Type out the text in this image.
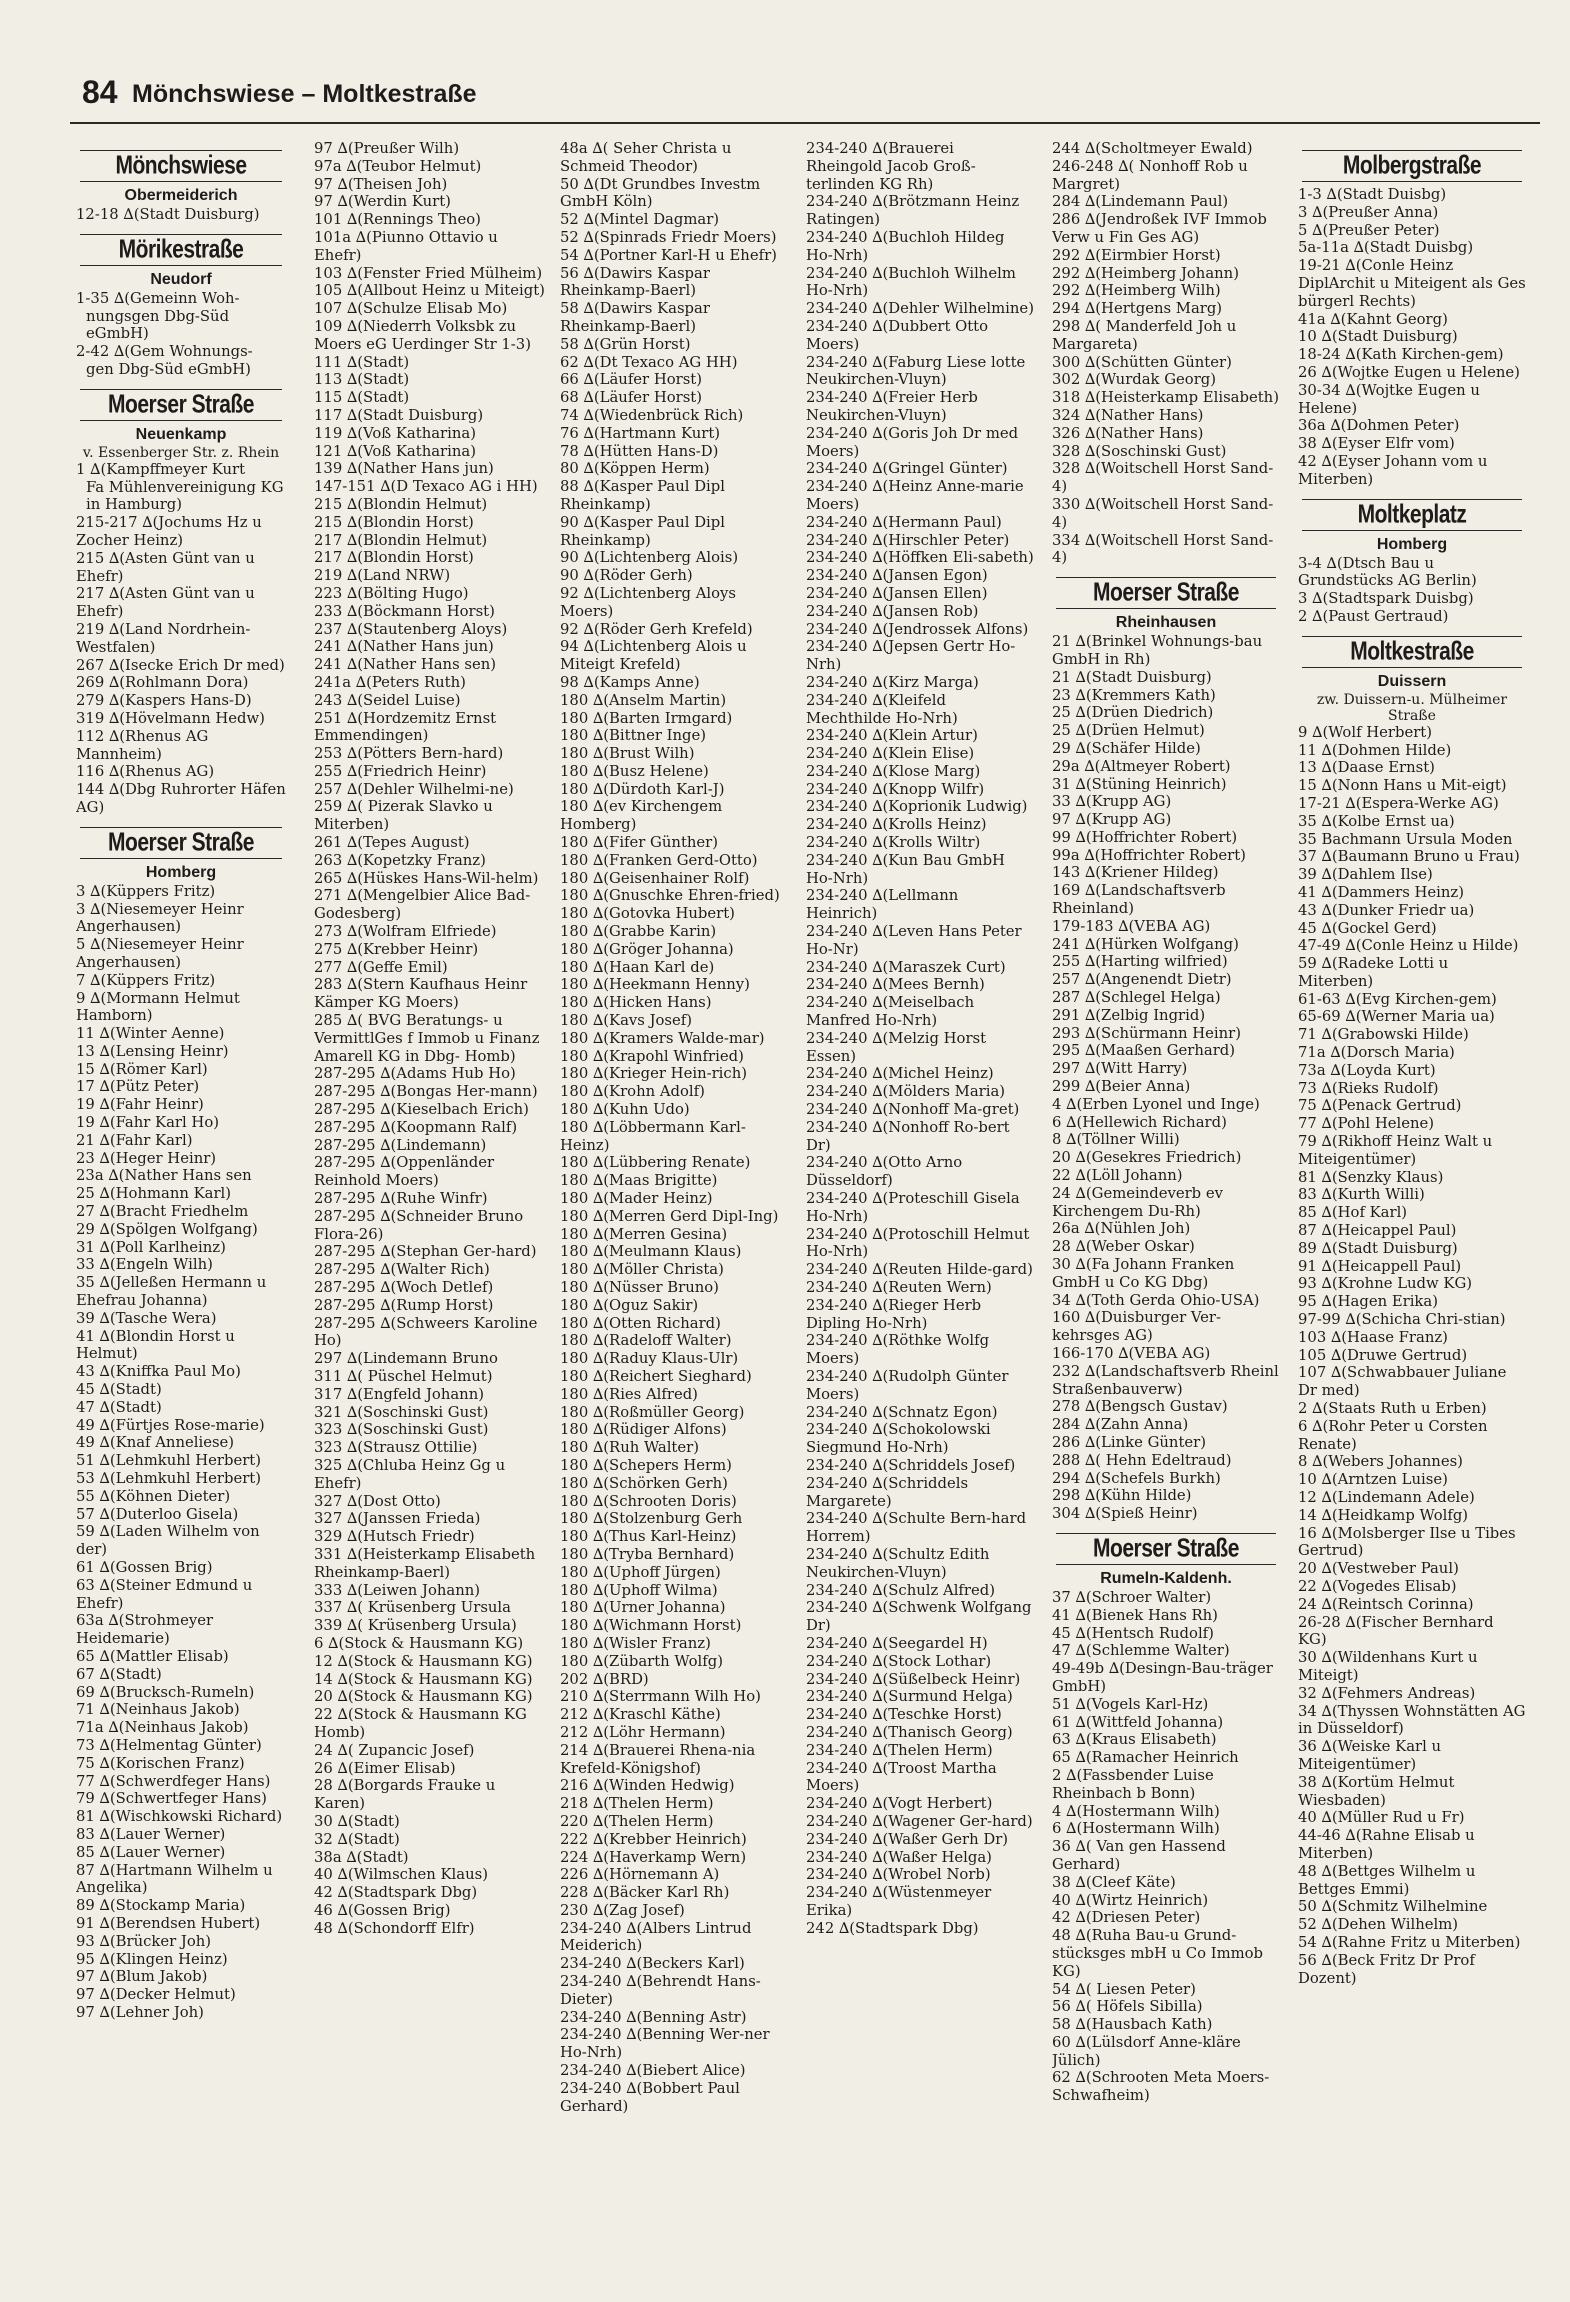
84 Mönchswiese – Moltkestraße
Mönchswiese
Obermeiderich
12-18 ∆(Stadt Duisburg)
Mörikestraße
Neudorf
1-35 ∆(Gemeinn Woh-
nungsgen Dbg-Süd eGmbH)
2-42 ∆(Gem Wohnungs-
gen Dbg-Süd eGmbH)
Moerser Straße
Neuenkamp
v. Essenberger Str. z. Rhein
1 ∆(Kampffmeyer Kurt
Fa Mühlenvereinigung KG in Hamburg)
215-217 ∆(Jochums Hz u Zocher Heinz)
215 ∆(Asten Günt van u Ehefr)
217 ∆(Asten Günt van u Ehefr)
219 ∆(Land Nordrhein-Westfalen)
267 ∆(Isecke Erich Dr med)
269 ∆(Rohlmann Dora)
279 ∆(Kaspers Hans-D)
319 ∆(Hövelmann Hedw)
112 ∆(Rhenus AG Mannheim)
116 ∆(Rhenus AG)
144 ∆(Dbg Ruhrorter Häfen AG)
Moerser Straße
Homberg
3 ∆(Küppers Fritz)
3 ∆(Niesemeyer Heinr Angerhausen)
5 ∆(Niesemeyer Heinr Angerhausen)
7 ∆(Küppers Fritz)
9 ∆(Mormann Helmut Hamborn)
11 ∆(Winter Aenne)
13 ∆(Lensing Heinr)
15 ∆(Römer Karl)
17 ∆(Pütz Peter)
19 ∆(Fahr Heinr)
19 ∆(Fahr Karl Ho)
21 ∆(Fahr Karl)
23 ∆(Heger Heinr)
23a ∆(Nather Hans sen
25 ∆(Hohmann Karl)
27 ∆(Bracht Friedhelm
29 ∆(Spölgen Wolfgang)
31 ∆(Poll Karlheinz)
33 ∆(Engeln Wilh)
35 ∆(Jelleßen Hermann u Ehefrau Johanna)
39 ∆(Tasche Wera)
41 ∆(Blondin Horst u Helmut)
43 ∆(Kniffka Paul Mo)
45 ∆(Stadt)
47 ∆(Stadt)
49 ∆(Fürtjes Rose-marie)
49 ∆(Knaf Anneliese)
51 ∆(Lehmkuhl Herbert)
53 ∆(Lehmkuhl Herbert)
55 ∆(Köhnen Dieter)
57 ∆(Duterloo Gisela)
59 ∆(Laden Wilhelm von der)
61 ∆(Gossen Brig)
63 ∆(Steiner Edmund u Ehefr)
63a ∆(Strohmeyer Heidemarie)
65 ∆(Mattler Elisab)
67 ∆(Stadt)
69 ∆(Brucksch-Rumeln)
71 ∆(Neinhaus Jakob)
71a ∆(Neinhaus Jakob)
73 ∆(Helmentag Günter)
75 ∆(Korischen Franz)
77 ∆(Schwerdfeger Hans)
79 ∆(Schwertfeger Hans)
81 ∆(Wischkowski Richard)
83 ∆(Lauer Werner)
85 ∆(Lauer Werner)
87 ∆(Hartmann Wilhelm u Angelika)
89 ∆(Stockamp Maria)
91 ∆(Berendsen Hubert)
93 ∆(Brücker Joh)
95 ∆(Klingen Heinz)
97 ∆(Blum Jakob)
97 ∆(Decker Helmut)
97 ∆(Lehner Joh)
97 ∆(Preußer Wilh)
97a ∆(Teubor Helmut)
97 ∆(Theisen Joh)
97 ∆(Werdin Kurt)
101 ∆(Rennings Theo)
101a ∆(Piunno Ottavio u Ehefr)
103 ∆(Fenster Fried Mülheim)
105 ∆(Allbout Heinz u Miteigt)
107 ∆(Schulze Elisab Mo)
109 ∆(Niederrh Volksbk zu Moers eG Uerdinger Str 1-3)
111 ∆(Stadt)
113 ∆(Stadt)
115 ∆(Stadt)
117 ∆(Stadt Duisburg)
119 ∆(Voß Katharina)
121 ∆(Voß Katharina)
139 ∆(Nather Hans jun)
147-151 ∆(D Texaco AG i HH)
215 ∆(Blondin Helmut)
215 ∆(Blondin Horst)
217 ∆(Blondin Helmut)
217 ∆(Blondin Horst)
219 ∆(Land NRW)
223 ∆(Bölting Hugo)
233 ∆(Böckmann Horst)
237 ∆(Stautenberg Aloys)
241 ∆(Nather Hans jun)
241 ∆(Nather Hans sen)
241a ∆(Peters Ruth)
243 ∆(Seidel Luise)
251 ∆(Hordzemitz Ernst Emmendingen)
253 ∆(Pötters Bern-hard)
255 ∆(Friedrich Heinr)
257 ∆(Dehler Wilhelmi-ne)
259 ∆( Pizerak Slavko u Miterben)
261 ∆(Tepes August)
263 ∆(Kopetzky Franz)
265 ∆(Hüskes Hans-Wil-helm)
271 ∆(Mengelbier Alice Bad-Godesberg)
273 ∆(Wolfram Elfriede)
275 ∆(Krebber Heinr)
277 ∆(Geffe Emil)
283 ∆(Stern Kaufhaus Heinr Kämper KG Moers)
285 ∆( BVG Beratungs- u VermittlGes f Immob u Finanz Amarell KG in Dbg- Homb)
287-295 ∆(Adams Hub Ho)
287-295 ∆(Bongas Her-mann)
287-295 ∆(Kieselbach Erich)
287-295 ∆(Koopmann Ralf)
287-295 ∆(Lindemann)
287-295 ∆(Oppenländer Reinhold Moers)
287-295 ∆(Ruhe Winfr)
287-295 ∆(Schneider Bruno Flora-26)
287-295 ∆(Stephan Ger-hard)
287-295 ∆(Walter Rich)
287-295 ∆(Woch Detlef)
287-295 ∆(Rump Horst)
287-295 ∆(Schweers Karoline Ho)
297 ∆(Lindemann Bruno
311 ∆( Püschel Helmut)
317 ∆(Engfeld Johann)
321 ∆(Soschinski Gust)
323 ∆(Soschinski Gust)
323 ∆(Strausz Ottilie)
325 ∆(Chluba Heinz Gg u Ehefr)
327 ∆(Dost Otto)
327 ∆(Janssen Frieda)
329 ∆(Hutsch Friedr)
331 ∆(Heisterkamp Elisabeth Rheinkamp-Baerl)
333 ∆(Leiwen Johann)
337 ∆( Krüsenberg Ursula
339 ∆( Krüsenberg Ursula)
6 ∆(Stock & Hausmann KG)
12 ∆(Stock & Hausmann KG)
14 ∆(Stock & Hausmann KG)
20 ∆(Stock & Hausmann KG)
22 ∆(Stock & Hausmann KG Homb)
24 ∆( Zupancic Josef)
26 ∆(Eimer Elisab)
28 ∆(Borgards Frauke u Karen)
30 ∆(Stadt)
32 ∆(Stadt)
38a ∆(Stadt)
40 ∆(Wilmschen Klaus)
42 ∆(Stadtspark Dbg)
46 ∆(Gossen Brig)
48 ∆(Schondorff Elfr)
48a ∆( Seher Christa u Schmeid Theodor)
50 ∆(Dt Grundbes Investm GmbH Köln)
52 ∆(Mintel Dagmar)
52 ∆(Spinrads Friedr Moers)
54 ∆(Portner Karl-H u Ehefr)
56 ∆(Dawirs Kaspar Rheinkamp-Baerl)
58 ∆(Dawirs Kaspar Rheinkamp-Baerl)
58 ∆(Grün Horst)
62 ∆(Dt Texaco AG HH)
66 ∆(Läufer Horst)
68 ∆(Läufer Horst)
74 ∆(Wiedenbrück Rich)
76 ∆(Hartmann Kurt)
78 ∆(Hütten Hans-D)
80 ∆(Köppen Herm)
88 ∆(Kasper Paul Dipl Rheinkamp)
90 ∆(Kasper Paul Dipl Rheinkamp)
90 ∆(Lichtenberg Alois)
90 ∆(Röder Gerh)
92 ∆(Lichtenberg Aloys Moers)
92 ∆(Röder Gerh Krefeld)
94 ∆(Lichtenberg Alois u Miteigt Krefeld)
98 ∆(Kamps Anne)
180 ∆(Anselm Martin)
180 ∆(Barten Irmgard)
180 ∆(Bittner Inge)
180 ∆(Brust Wilh)
180 ∆(Busz Helene)
180 ∆(Dürdoth Karl-J)
180 ∆(ev Kirchengem Homberg)
180 ∆(Fifer Günther)
180 ∆(Franken Gerd-Otto)
180 ∆(Geisenhainer Rolf)
180 ∆(Gnuschke Ehren-fried)
180 ∆(Gotovka Hubert)
180 ∆(Grabbe Karin)
180 ∆(Gröger Johanna)
180 ∆(Haan Karl de)
180 ∆(Heekmann Henny)
180 ∆(Hicken Hans)
180 ∆(Kavs Josef)
180 ∆(Kramers Walde-mar)
180 ∆(Krapohl Winfried)
180 ∆(Krieger Hein-rich)
180 ∆(Krohn Adolf)
180 ∆(Kuhn Udo)
180 ∆(Löbbermann Karl-Heinz)
180 ∆(Lübbering Renate)
180 ∆(Maas Brigitte)
180 ∆(Mader Heinz)
180 ∆(Merren Gerd Dipl-Ing)
180 ∆(Merren Gesina)
180 ∆(Meulmann Klaus)
180 ∆(Möller Christa)
180 ∆(Nüsser Bruno)
180 ∆(Oguz Sakir)
180 ∆(Otten Richard)
180 ∆(Radeloff Walter)
180 ∆(Raduy Klaus-Ulr)
180 ∆(Reichert Sieghard)
180 ∆(Ries Alfred)
180 ∆(Roßmüller Georg)
180 ∆(Rüdiger Alfons)
180 ∆(Ruh Walter)
180 ∆(Schepers Herm)
180 ∆(Schörken Gerh)
180 ∆(Schrooten Doris)
180 ∆(Stolzenburg Gerh
180 ∆(Thus Karl-Heinz)
180 ∆(Tryba Bernhard)
180 ∆(Uphoff Jürgen)
180 ∆(Uphoff Wilma)
180 ∆(Urner Johanna)
180 ∆(Wichmann Horst)
180 ∆(Wisler Franz)
180 ∆(Zübarth Wolfg)
202 ∆(BRD)
210 ∆(Sterrmann Wilh Ho)
212 ∆(Kraschl Käthe)
212 ∆(Löhr Hermann)
214 ∆(Brauerei Rhena-nia Krefeld-Königshof)
216 ∆(Winden Hedwig)
218 ∆(Thelen Herm)
220 ∆(Thelen Herm)
222 ∆(Krebber Heinrich)
224 ∆(Haverkamp Wern)
226 ∆(Hörnemann A)
228 ∆(Bäcker Karl Rh)
230 ∆(Zag Josef)
234-240 ∆(Albers Lintrud Meiderich)
234-240 ∆(Beckers Karl)
234-240 ∆(Behrendt Hans-Dieter)
234-240 ∆(Benning Astr)
234-240 ∆(Benning Wer-ner Ho-Nrh)
234-240 ∆(Biebert Alice)
234-240 ∆(Bobbert Paul Gerhard)
234-240 ∆(Brauerei Rheingold Jacob Groß-terlinden KG Rh)
234-240 ∆(Brötzmann Heinz Ratingen)
234-240 ∆(Buchloh Hildeg Ho-Nrh)
234-240 ∆(Buchloh Wilhelm Ho-Nrh)
234-240 ∆(Dehler Wilhelmine)
234-240 ∆(Dubbert Otto Moers)
234-240 ∆(Faburg Liese lotte Neukirchen-Vluyn)
234-240 ∆(Freier Herb Neukirchen-Vluyn)
234-240 ∆(Goris Joh Dr med Moers)
234-240 ∆(Gringel Günter)
234-240 ∆(Heinz Anne-marie Moers)
234-240 ∆(Hermann Paul)
234-240 ∆(Hirschler Peter)
234-240 ∆(Höffken Eli-sabeth)
234-240 ∆(Jansen Egon)
234-240 ∆(Jansen Ellen)
234-240 ∆(Jansen Rob)
234-240 ∆(Jendrossek Alfons)
234-240 ∆(Jepsen Gertr Ho-Nrh)
234-240 ∆(Kirz Marga)
234-240 ∆(Kleifeld Mechthilde Ho-Nrh)
234-240 ∆(Klein Artur)
234-240 ∆(Klein Elise)
234-240 ∆(Klose Marg)
234-240 ∆(Knopp Wilfr)
234-240 ∆(Koprionik Ludwig)
234-240 ∆(Krolls Heinz)
234-240 ∆(Krolls Wiltr)
234-240 ∆(Kun Bau GmbH Ho-Nrh)
234-240 ∆(Lellmann Heinrich)
234-240 ∆(Leven Hans Peter Ho-Nr)
234-240 ∆(Maraszek Curt)
234-240 ∆(Mees Bernh)
234-240 ∆(Meiselbach Manfred Ho-Nrh)
234-240 ∆(Melzig Horst Essen)
234-240 ∆(Michel Heinz)
234-240 ∆(Mölders Maria)
234-240 ∆(Nonhoff Ma-gret)
234-240 ∆(Nonhoff Ro-bert Dr)
234-240 ∆(Otto Arno Düsseldorf)
234-240 ∆(Proteschill Gisela Ho-Nrh)
234-240 ∆(Protoschill Helmut Ho-Nrh)
234-240 ∆(Reuten Hilde-gard)
234-240 ∆(Reuten Wern)
234-240 ∆(Rieger Herb Dipling Ho-Nrh)
234-240 ∆(Röthke Wolfg Moers)
234-240 ∆(Rudolph Günter Moers)
234-240 ∆(Schnatz Egon)
234-240 ∆(Schokolowski Siegmund Ho-Nrh)
234-240 ∆(Schriddels Josef)
234-240 ∆(Schriddels Margarete)
234-240 ∆(Schulte Bern-hard Horrem)
234-240 ∆(Schultz Edith Neukirchen-Vluyn)
234-240 ∆(Schulz Alfred)
234-240 ∆(Schwenk Wolfgang Dr)
234-240 ∆(Seegardel H)
234-240 ∆(Stock Lothar)
234-240 ∆(Süßelbeck Heinr)
234-240 ∆(Surmund Helga)
234-240 ∆(Teschke Horst)
234-240 ∆(Thanisch Georg)
234-240 ∆(Thelen Herm)
234-240 ∆(Troost Martha Moers)
234-240 ∆(Vogt Herbert)
234-240 ∆(Wagener Ger-hard)
234-240 ∆(Waßer Gerh Dr)
234-240 ∆(Waßer Helga)
234-240 ∆(Wrobel Norb)
234-240 ∆(Wüstenmeyer Erika)
242 ∆(Stadtspark Dbg)
244 ∆(Scholtmeyer Ewald)
246-248 ∆( Nonhoff Rob u Margret)
284 ∆(Lindemann Paul)
286 ∆(Jendroßek IVF Immob Verw u Fin Ges AG)
292 ∆(Eirmbier Horst)
292 ∆(Heimberg Johann)
292 ∆(Heimberg Wilh)
294 ∆(Hertgens Marg)
298 ∆( Manderfeld Joh u Margareta)
300 ∆(Schütten Günter)
302 ∆(Wurdak Georg)
318 ∆(Heisterkamp Elisabeth)
324 ∆(Nather Hans)
326 ∆(Nather Hans)
328 ∆(Soschinski Gust)
328 ∆(Woitschell Horst Sand-4)
330 ∆(Woitschell Horst Sand-4)
334 ∆(Woitschell Horst Sand-4)
Moerser Straße
Rheinhausen
21 ∆(Brinkel Wohnungs-bau GmbH in Rh)
21 ∆(Stadt Duisburg)
23 ∆(Kremmers Kath)
25 ∆(Drüen Diedrich)
25 ∆(Drüen Helmut)
29 ∆(Schäfer Hilde)
29a ∆(Altmeyer Robert)
31 ∆(Stüning Heinrich)
33 ∆(Krupp AG)
97 ∆(Krupp AG)
99 ∆(Hoffrichter Robert)
99a ∆(Hoffrichter Robert)
143 ∆(Kriener Hildeg)
169 ∆(Landschaftsverb Rheinland)
179-183 ∆(VEBA AG)
241 ∆(Hürken Wolfgang)
255 ∆(Harting wilfried)
257 ∆(Angenendt Dietr)
287 ∆(Schlegel Helga)
291 ∆(Zelbig Ingrid)
293 ∆(Schürmann Heinr)
295 ∆(Maaßen Gerhard)
297 ∆(Witt Harry)
299 ∆(Beier Anna)
4 ∆(Erben Lyonel und Inge)
6 ∆(Hellewich Richard)
8 ∆(Töllner Willi)
20 ∆(Gesekres Friedrich)
22 ∆(Löll Johann)
24 ∆(Gemeindeverb ev Kirchengem Du-Rh)
26a ∆(Nühlen Joh)
28 ∆(Weber Oskar)
30 ∆(Fa Johann Franken GmbH u Co KG Dbg)
34 ∆(Toth Gerda Ohio-USA)
160 ∆(Duisburger Ver-kehrsges AG)
166-170 ∆(VEBA AG)
232 ∆(Landschaftsverb Rheinl Straßenbauverw)
278 ∆(Bengsch Gustav)
284 ∆(Zahn Anna)
286 ∆(Linke Günter)
288 ∆( Hehn Edeltraud)
294 ∆(Schefels Burkh)
298 ∆(Kühn Hilde)
304 ∆(Spieß Heinr)
Moerser Straße
Rumeln-Kaldenh.
37 ∆(Schroer Walter)
41 ∆(Bienek Hans Rh)
45 ∆(Hentsch Rudolf)
47 ∆(Schlemme Walter)
49-49b ∆(Desingn-Bau-träger GmbH)
51 ∆(Vogels Karl-Hz)
61 ∆(Wittfeld Johanna)
63 ∆(Kraus Elisabeth)
65 ∆(Ramacher Heinrich
2 ∆(Fassbender Luise Rheinbach b Bonn)
4 ∆(Hostermann Wilh)
6 ∆(Hostermann Wilh)
36 ∆( Van gen Hassend Gerhard)
38 ∆(Cleef Käte)
40 ∆(Wirtz Heinrich)
42 ∆(Driesen Peter)
48 ∆(Ruha Bau-u Grund-stücksges mbH u Co Immob KG)
54 ∆( Liesen Peter)
56 ∆( Höfels Sibilla)
58 ∆(Hausbach Kath)
60 ∆(Lülsdorf Anne-kläre Jülich)
62 ∆(Schrooten Meta Moers-Schwafheim)
Molbergstraße
1-3 ∆(Stadt Duisbg)
3 ∆(Preußer Anna)
5 ∆(Preußer Peter)
5a-11a ∆(Stadt Duisbg)
19-21 ∆(Conle Heinz DiplArchit u Miteigent als Ges bürgerl Rechts)
41a ∆(Kahnt Georg)
10 ∆(Stadt Duisburg)
18-24 ∆(Kath Kirchen-gem)
26 ∆(Wojtke Eugen u Helene)
30-34 ∆(Wojtke Eugen u Helene)
36a ∆(Dohmen Peter)
38 ∆(Eyser Elfr vom)
42 ∆(Eyser Johann vom u Miterben)
Moltkeplatz
Homberg
3-4 ∆(Dtsch Bau u Grundstücks AG Berlin)
3 ∆(Stadtspark Duisbg)
2 ∆(Paust Gertraud)
Moltkestraße
Duissern
zw. Duissern-u. Mülheimer Straße
9 ∆(Wolf Herbert)
11 ∆(Dohmen Hilde)
13 ∆(Daase Ernst)
15 ∆(Nonn Hans u Mit-eigt)
17-21 ∆(Espera-Werke AG)
35 ∆(Kolbe Ernst ua)
35 Bachmann Ursula Moden
37 ∆(Baumann Bruno u Frau)
39 ∆(Dahlem Ilse)
41 ∆(Dammers Heinz)
43 ∆(Dunker Friedr ua)
45 ∆(Gockel Gerd)
47-49 ∆(Conle Heinz u Hilde)
59 ∆(Radeke Lotti u Miterben)
61-63 ∆(Evg Kirchen-gem)
65-69 ∆(Werner Maria ua)
71 ∆(Grabowski Hilde)
71a ∆(Dorsch Maria)
73a ∆(Loyda Kurt)
73 ∆(Rieks Rudolf)
75 ∆(Penack Gertrud)
77 ∆(Pohl Helene)
79 ∆(Rikhoff Heinz Walt u Miteigentümer)
81 ∆(Senzky Klaus)
83 ∆(Kurth Willi)
85 ∆(Hof Karl)
87 ∆(Heicappel Paul)
89 ∆(Stadt Duisburg)
91 ∆(Heicappell Paul)
93 ∆(Krohne Ludw KG)
95 ∆(Hagen Erika)
97-99 ∆(Schicha Chri-stian)
103 ∆(Haase Franz)
105 ∆(Druwe Gertrud)
107 ∆(Schwabbauer Juliane Dr med)
2 ∆(Staats Ruth u Erben)
6 ∆(Rohr Peter u Corsten Renate)
8 ∆(Webers Johannes)
10 ∆(Arntzen Luise)
12 ∆(Lindemann Adele)
14 ∆(Heidkamp Wolfg)
16 ∆(Molsberger Ilse u Tibes Gertrud)
20 ∆(Vestweber Paul)
22 ∆(Vogedes Elisab)
24 ∆(Reintsch Corinna)
26-28 ∆(Fischer Bernhard KG)
30 ∆(Wildenhans Kurt u Miteigt)
32 ∆(Fehmers Andreas)
34 ∆(Thyssen Wohnstätten AG in Düsseldorf)
36 ∆(Weiske Karl u Miteigentümer)
38 ∆(Kortüm Helmut Wiesbaden)
40 ∆(Müller Rud u Fr)
44-46 ∆(Rahne Elisab u Miterben)
48 ∆(Bettges Wilhelm u Bettges Emmi)
50 ∆(Schmitz Wilhelmine
52 ∆(Dehen Wilhelm)
54 ∆(Rahne Fritz u Miterben)
56 ∆(Beck Fritz Dr Prof Dozent)
